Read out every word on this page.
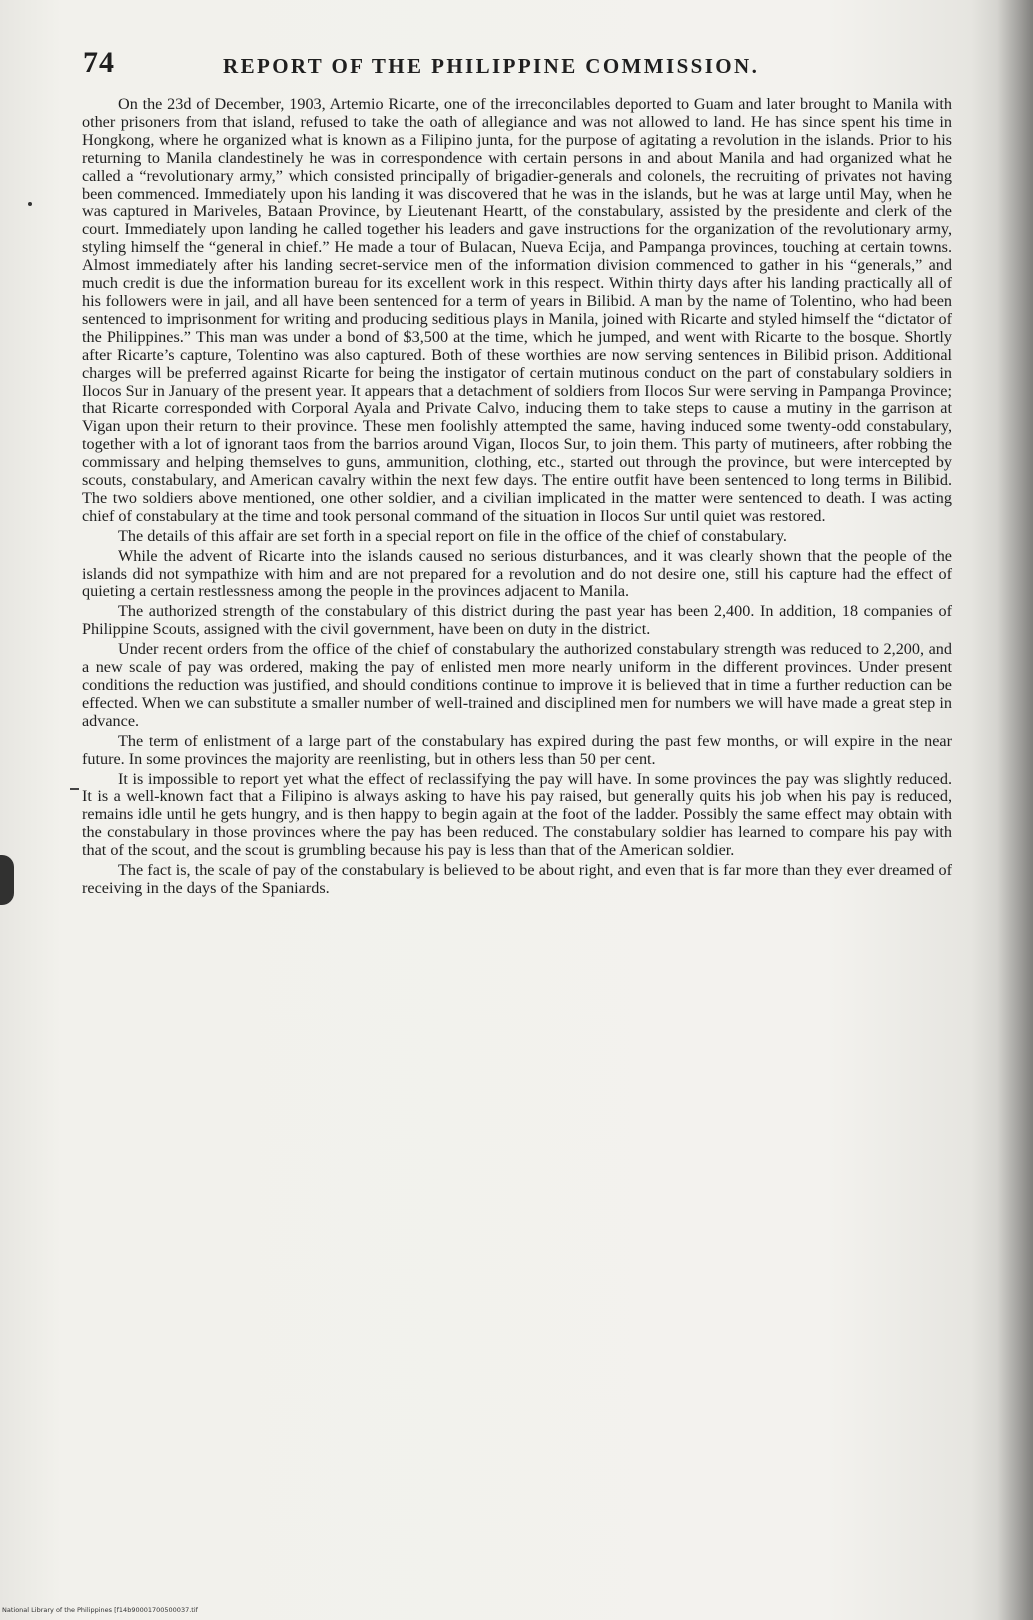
74	REPORT OF THE PHILIPPINE COMMISSION.

On the 23d of December, 1903, Artemio Ricarte, one of the irreconcilables deported to Guam and later brought to Manila with other prisoners from that island, refused to take the oath of allegiance and was not allowed to land. He has since spent his time in Hongkong, where he organized what is known as a Filipino junta, for the purpose of agitating a revolution in the islands. Prior to his returning to Manila clandestinely he was in correspondence with certain persons in and about Manila and had organized what he called a “revolutionary army,” which consisted principally of brigadier-generals and colonels, the recruiting of privates not having been commenced. Immediately upon his landing it was discovered that he was in the islands, but he was at large until May, when he was captured in Mariveles, Bataan Province, by Lieutenant Heartt, of the constabulary, assisted by the presidente and clerk of the court. Immediately upon landing he called together his leaders and gave instructions for the organization of the revolutionary army, styling himself the “general in chief.” He made a tour of Bulacan, Nueva Ecija, and Pampanga provinces, touching at certain towns. Almost immediately after his landing secret-service men of the information division commenced to gather in his “generals,” and much credit is due the information bureau for its excellent work in this respect. Within thirty days after his landing practically all of his followers were in jail, and all have been sentenced for a term of years in Bilibid. A man by the name of Tolentino, who had been sentenced to imprisonment for writing and producing seditious plays in Manila, joined with Ricarte and styled himself the “dictator of the Philippines.” This man was under a bond of $3,500 at the time, which he jumped, and went with Ricarte to the bosque. Shortly after Ricarte’s capture, Tolentino was also captured. Both of these worthies are now serving sentences in Bilibid prison. Additional charges will be preferred against Ricarte for being the instigator of certain mutinous conduct on the part of constabulary soldiers in Ilocos Sur in January of the present year. It appears that a detachment of soldiers from Ilocos Sur were serving in Pampanga Province; that Ricarte corresponded with Corporal Ayala and Private Calvo, inducing them to take steps to cause a mutiny in the garrison at Vigan upon their return to their province. These men foolishly attempted the same, having induced some twenty-odd constabulary, together with a lot of ignorant taos from the barrios around Vigan, Ilocos Sur, to join them. This party of mutineers, after robbing the commissary and helping themselves to guns, ammunition, clothing, etc., started out through the province, but were intercepted by scouts, constabulary, and American cavalry within the next few days. The entire outfit have been sentenced to long terms in Bilibid. The two soldiers above mentioned, one other soldier, and a civilian implicated in the matter were sentenced to death. I was acting chief of constabulary at the time and took personal command of the situation in Ilocos Sur until quiet was restored.

The details of this affair are set forth in a special report on file in the office of the chief of constabulary.

While the advent of Ricarte into the islands caused no serious disturbances, and it was clearly shown that the people of the islands did not sympathize with him and are not prepared for a revolution and do not desire one, still his capture had the effect of quieting a certain restlessness among the people in the provinces adjacent to Manila.

The authorized strength of the constabulary of this district during the past year has been 2,400. In addition, 18 companies of Philippine Scouts, assigned with the civil government, have been on duty in the district.

Under recent orders from the office of the chief of constabulary the authorized constabulary strength was reduced to 2,200, and a new scale of pay was ordered, making the pay of enlisted men more nearly uniform in the different provinces. Under present conditions the reduction was justified, and should conditions continue to improve it is believed that in time a further reduction can be effected. When we can substitute a smaller number of well-trained and disciplined men for numbers we will have made a great step in advance.

The term of enlistment of a large part of the constabulary has expired during the past few months, or will expire in the near future. In some provinces the majority are reenlisting, but in others less than 50 per cent.

It is impossible to report yet what the effect of reclassifying the pay will have. In some provinces the pay was slightly reduced. It is a well-known fact that a Filipino is always asking to have his pay raised, but generally quits his job when his pay is reduced, remains idle until he gets hungry, and is then happy to begin again at the foot of the ladder. Possibly the same effect may obtain with the constabulary in those provinces where the pay has been reduced. The constabulary soldier has learned to compare his pay with that of the scout, and the scout is grumbling because his pay is less than that of the American soldier.

The fact is, the scale of pay of the constabulary is believed to be about right, and even that is far more than they ever dreamed of receiving in the days of the Spaniards.

National Library of the Philippines [f14b90001700500037.tif
